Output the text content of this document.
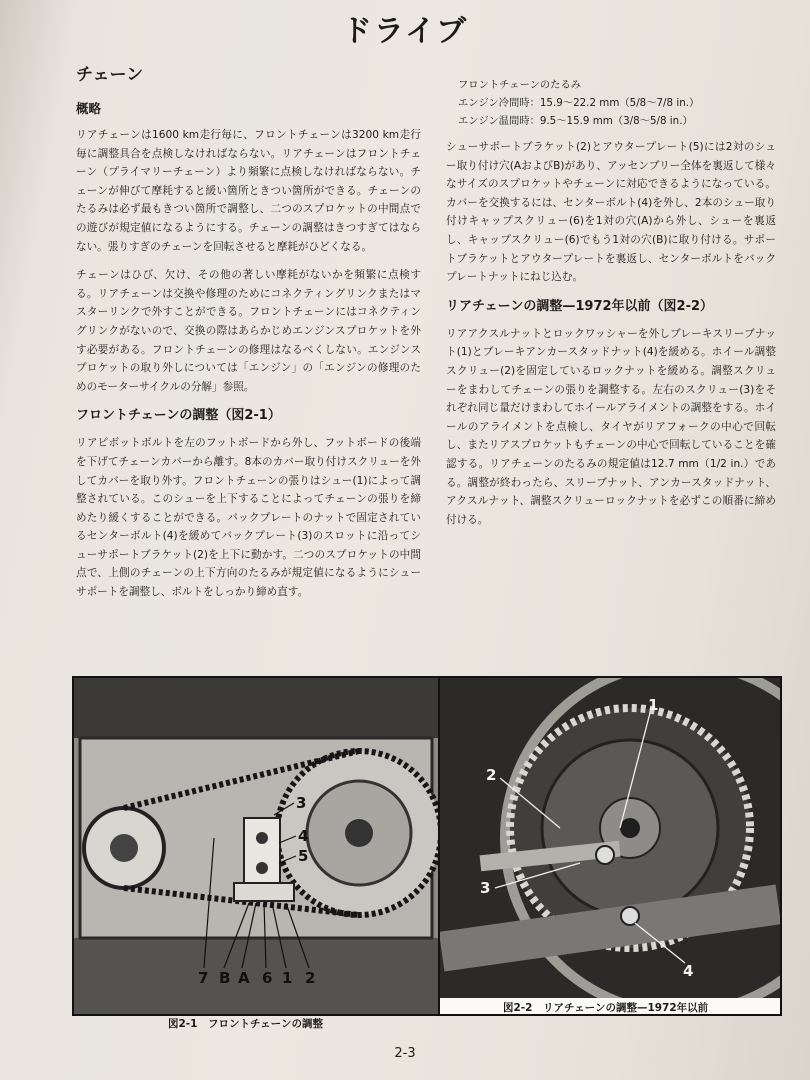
ドライブ
チェーン
概略

リアチェーンは1600 km走行毎に、フロントチェーンは3200 km走行毎に調整具合を点検しなければならない。リアチェーンはフロントチェーン（プライマリーチェーン）より頻繁に点検しなければならない。チェーンが伸びて摩耗すると緩い箇所ときつい箇所ができる。チェーンのたるみは必ず最もきつい箇所で調整し、二つのスプロケットの中間点での遊びが規定値になるようにする。チェーンの調整はきつすぎてはならない。張りすぎのチェーンを回転させると摩耗がひどくなる。

チェーンはひび、欠け、その他の著しい摩耗がないかを頻繁に点検する。リアチェーンは交換や修理のためにコネクティングリンクまたはマスターリンクで外すことができる。フロントチェーンにはコネクティングリンクがないので、交換の際はあらかじめエンジンスプロケットを外す必要がある。フロントチェーンの修理はなるべくしない。エンジンスプロケットの取り外しについては「エンジン」の「エンジンの修理のためのモーターサイクルの分解」参照。

フロントチェーンの調整（図2-1）

リアピボットボルトを左のフットボードから外し、フットボードの後端を下げてチェーンカバーから離す。8本のカバー取り付けスクリューを外してカバーを取り外す。フロントチェーンの張りはシュー(1)によって調整されている。このシューを上下することによってチェーンの張りを締めたり緩くすることができる。バックプレートのナットで固定されているセンターボルト(4)を緩めてバックプレート(3)のスロットに沿ってシューサポートブラケット(2)を上下に動かす。二つのスプロケットの中間点で、上側のチェーンの上下方向のたるみが規定値になるようにシューサポートを調整し、ボルトをしっかり締め直す。

フロントチェーンのたるみ
エンジン冷間時：15.9〜22.2 mm（5/8〜7/8 in.）
エンジン温間時：9.5〜15.9 mm（3/8〜5/8 in.）

シューサポートブラケット(2)とアウタープレート(5)には2対のシュー取り付け穴(AおよびB)があり、アッセンブリー全体を裏返して様々なサイズのスプロケットやチェーンに対応できるようになっている。カバーを交換するには、センターボルト(4)を外し、2本のシュー取り付けキャップスクリュー(6)を1対の穴(A)から外し、シューを裏返し、キャップスクリュー(6)でもう1対の穴(B)に取り付ける。サポートブラケットとアウタープレートを裏返し、センターボルトをバックプレートナットにねじ込む。

リアチェーンの調整—1972年以前（図2-2）

リアアクスルナットとロックワッシャーを外しブレーキスリーブナット(1)とブレーキアンカースタッドナット(4)を緩める。ホイール調整スクリュー(2)を固定しているロックナットを緩める。調整スクリューをまわしてチェーンの張りを調整する。左右のスクリュー(3)をそれぞれ同じ量だけまわしてホイールアライメントの調整をする。ホイールのアライメントを点検し、タイヤがリアフォークの中心で回転し、またリアスプロケットもチェーンの中心で回転していることを確認する。リアチェーンのたるみの規定値は12.7 mm（1/2 in.）である。調整が終わったら、スリーブナット、アンカースタッドナット、アクスルナット、調整スクリューロックナットを必ずこの順番に締め付ける。

3
4
5
7 B A 6 1 2
1
2
3
4
図2-1　フロントチェーンの調整
図2-2　リアチェーンの調整—1972年以前
2-3
